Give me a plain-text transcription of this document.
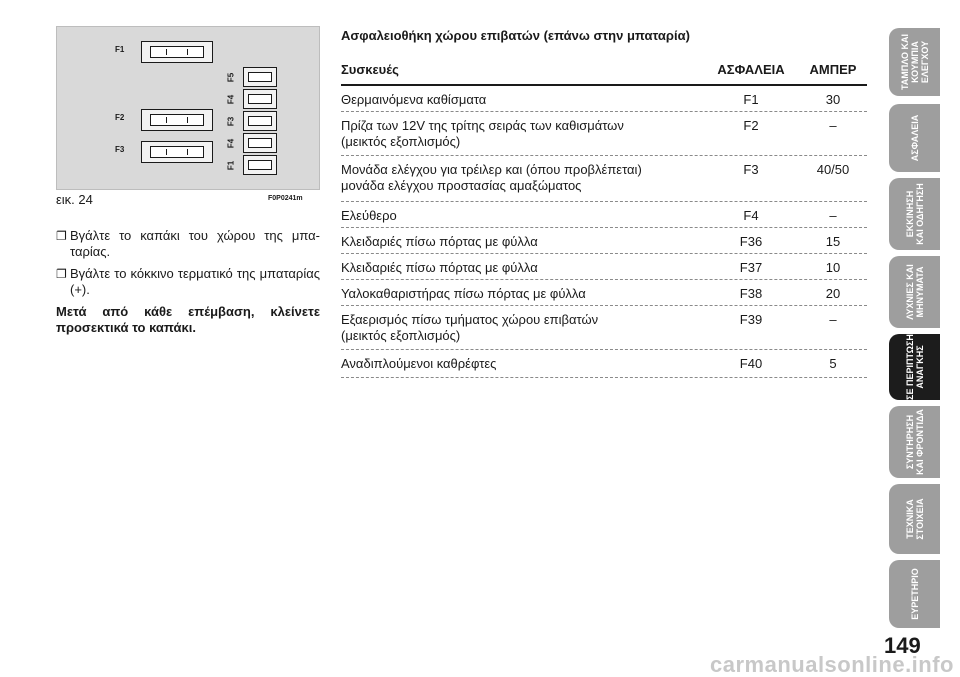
F1
F2
F3
F5
F4
F3
F4
F1
εικ. 24	F0P0241m
❐ Βγάλτε το καπάκι του χώρου της μπα-ταρίας.
❐ Βγάλτε το κόκκινο τερματικό της μπαταρίας (+).
Μετά από κάθε επέμβαση, κλείνετε προσεκτικά το καπάκι.
Ασφαλειοθήκη χώρου επιβατών (επάνω στην μπαταρία)
Συσκευές	ΑΣΦΑΛΕΙΑ	ΑΜΠΕΡ
Θερμαινόμενα καθίσματα	F1	30
Πρίζα των 12V της τρίτης σειράς των καθισμάτων
(μεικτός εξοπλισμός)
F2	–
Μονάδα ελέγχου για τρέιλερ και (όπου προβλέπεται)
μονάδα ελέγχου προστασίας αμαξώματος
F3	40/50
Ελεύθερο	F4	–
Κλειδαριές πίσω πόρτας με φύλλα	F36	15
Κλειδαριές πίσω πόρτας με φύλλα	F37	10
Υαλοκαθαριστήρας πίσω πόρτας με φύλλα	F38	20
Εξαερισμός πίσω τμήματος χώρου επιβατών
(μεικτός εξοπλισμός)
F39	–
Αναδιπλούμενοι καθρέφτες	F40	5
ΤΑΜΠΛΟ ΚΑΙ ΚΟΥΜΠΙΑ ΕΛΕΓΧΟΥ
ΑΣΦΑΛΕΙΑ
ΕΚΚΙΝΗΣΗ ΚΑΙ ΟΔΗΓΗΣΗ
ΛΥΧΝΙΕΣ ΚΑΙ ΜΗΝΥΜΑΤΑ
ΣΕ ΠΕΡΙΠΤΩΣΗ ΑΝΑΓΚΗΣ
ΣΥΝΤΗΡΗΣΗ ΚΑΙ ΦΡΟΝΤΙΔΑ
ΤΕΧΝΙΚΑ ΣΤΟΙΧΕΙΑ
ΕΥΡΕΤΗΡΙΟ
149
carmanualsonline.info
